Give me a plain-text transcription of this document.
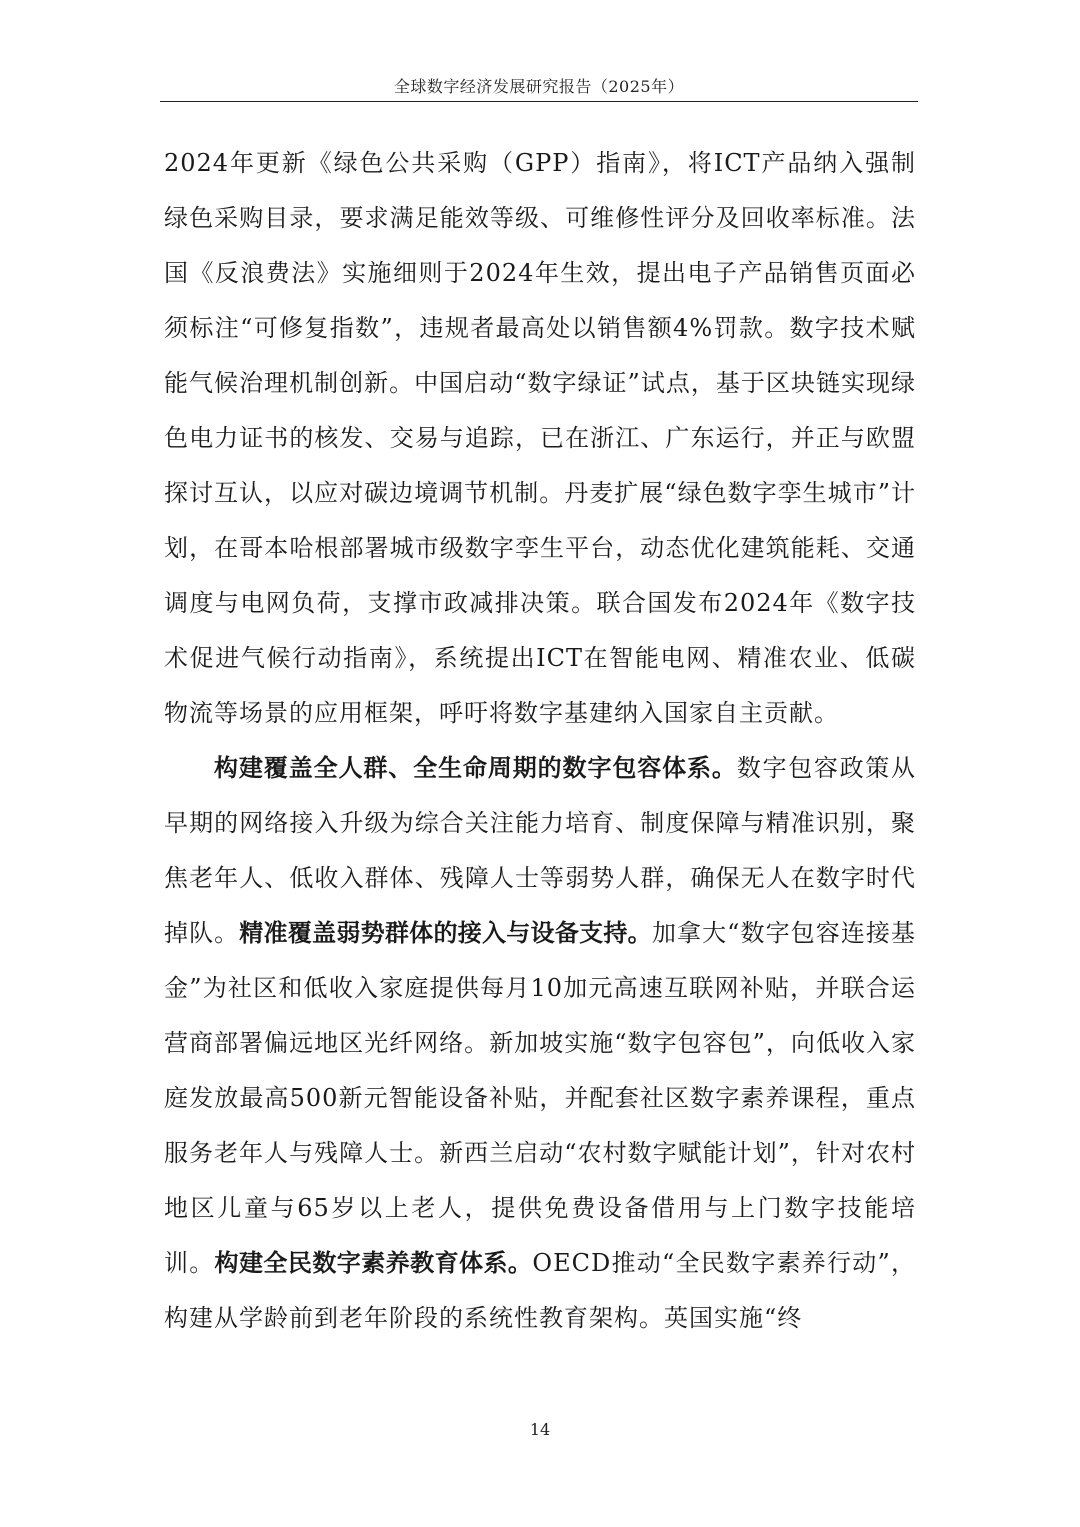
全球数字经济发展研究报告（2025年）

2024年更新《绿色公共采购（GPP）指南》，将ICT产品纳入强制绿色采购目录，要求满足能效等级、可维修性评分及回收率标准。法国《反浪费法》实施细则于2024年生效，提出电子产品销售页面必须标注“可修复指数”，违规者最高处以销售额4%罚款。数字技术赋能气候治理机制创新。中国启动“数字绿证”试点，基于区块链实现绿色电力证书的核发、交易与追踪，已在浙江、广东运行，并正与欧盟探讨互认，以应对碳边境调节机制。丹麦扩展“绿色数字孪生城市”计划，在哥本哈根部署城市级数字孪生平台，动态优化建筑能耗、交通调度与电网负荷，支撑市政减排决策。联合国发布2024年《数字技术促进气候行动指南》，系统提出ICT在智能电网、精准农业、低碳物流等场景的应用框架，呼吁将数字基建纳入国家自主贡献。

构建覆盖全人群、全生命周期的数字包容体系。数字包容政策从早期的网络接入升级为综合关注能力培育、制度保障与精准识别，聚焦老年人、低收入群体、残障人士等弱势人群，确保无人在数字时代掉队。精准覆盖弱势群体的接入与设备支持。加拿大“数字包容连接基金”为社区和低收入家庭提供每月10加元高速互联网补贴，并联合运营商部署偏远地区光纤网络。新加坡实施“数字包容包”，向低收入家庭发放最高500新元智能设备补贴，并配套社区数字素养课程，重点服务老年人与残障人士。新西兰启动“农村数字赋能计划”，针对农村地区儿童与65岁以上老人，提供免费设备借用与上门数字技能培训。构建全民数字素养教育体系。OECD推动“全民数字素养行动”，构建从学龄前到老年阶段的系统性教育架构。英国实施“终

14
